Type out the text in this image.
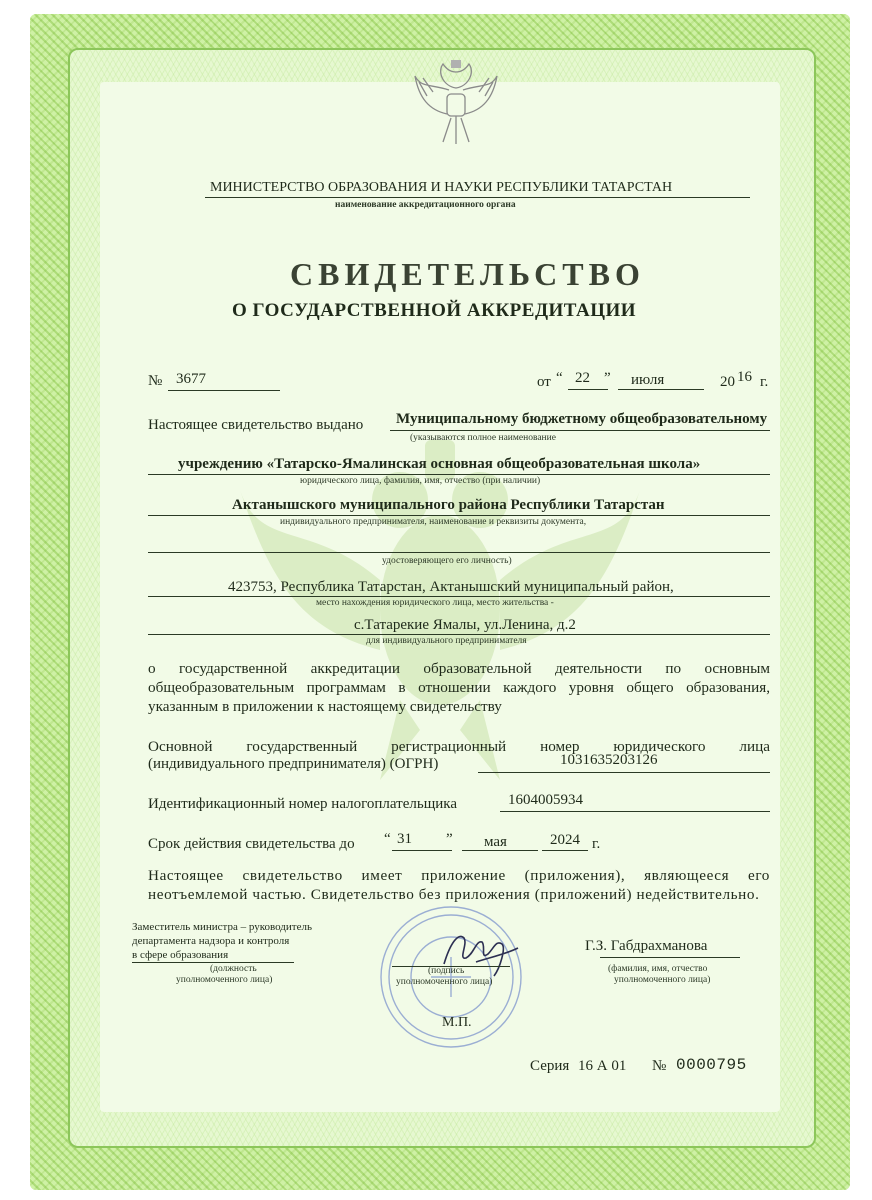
МИНИСТЕРСТВО ОБРАЗОВАНИЯ И НАУКИ РЕСПУБЛИКИ ТАТАРСТАН
наименование аккредитационного органа
СВИДЕТЕЛЬСТВО
О ГОСУДАРСТВЕННОЙ АККРЕДИТАЦИИ
№ 3677	от “ 22 ” июля	20 16 г.
Настоящее свидетельство выдано Муниципальному бюджетному общеобразовательному
(указываются полное наименование
учреждению «Татарско-Ямалинская основная общеобразовательная школа»
юридического лица, фамилия, имя, отчество (при наличии)
Актанышского муниципального района Республики Татарстан
индивидуального предпринимателя, наименование и реквизиты документа,
удостоверяющего его личность)
423753, Республика Татарстан, Актанышский муниципальный район,
место нахождения юридического лица, место жительства -
с.Татарекие Ямалы, ул.Ленина, д.2
для индивидуального предпринимателя
о государственной аккредитации образовательной деятельности по основным общеобразовательным программам в отношении каждого уровня общего образования, указанным в приложении к настоящему свидетельству
Основной государственный регистрационный номер юридического лица
(индивидуального предпринимателя) (ОГРН)	1031635203126
Идентификационный номер налогоплательщика	1604005934
Срок действия свидетельства до “ 31 ” мая	2024 г.
Настоящее свидетельство имеет приложение (приложения), являющееся его неотъемлемой частью. Свидетельство без приложения (приложений) недействительно.
Заместитель министра – руководитель
департамента надзора и контроля
в сфере образования
(должность
уполномоченного лица)
(подпись
уполномоченного лица)
Г.З. Габдрахманова
(фамилия, имя, отчество
уполномоченного лица)
М.П.
Серия 16 А 01 № 0000795
